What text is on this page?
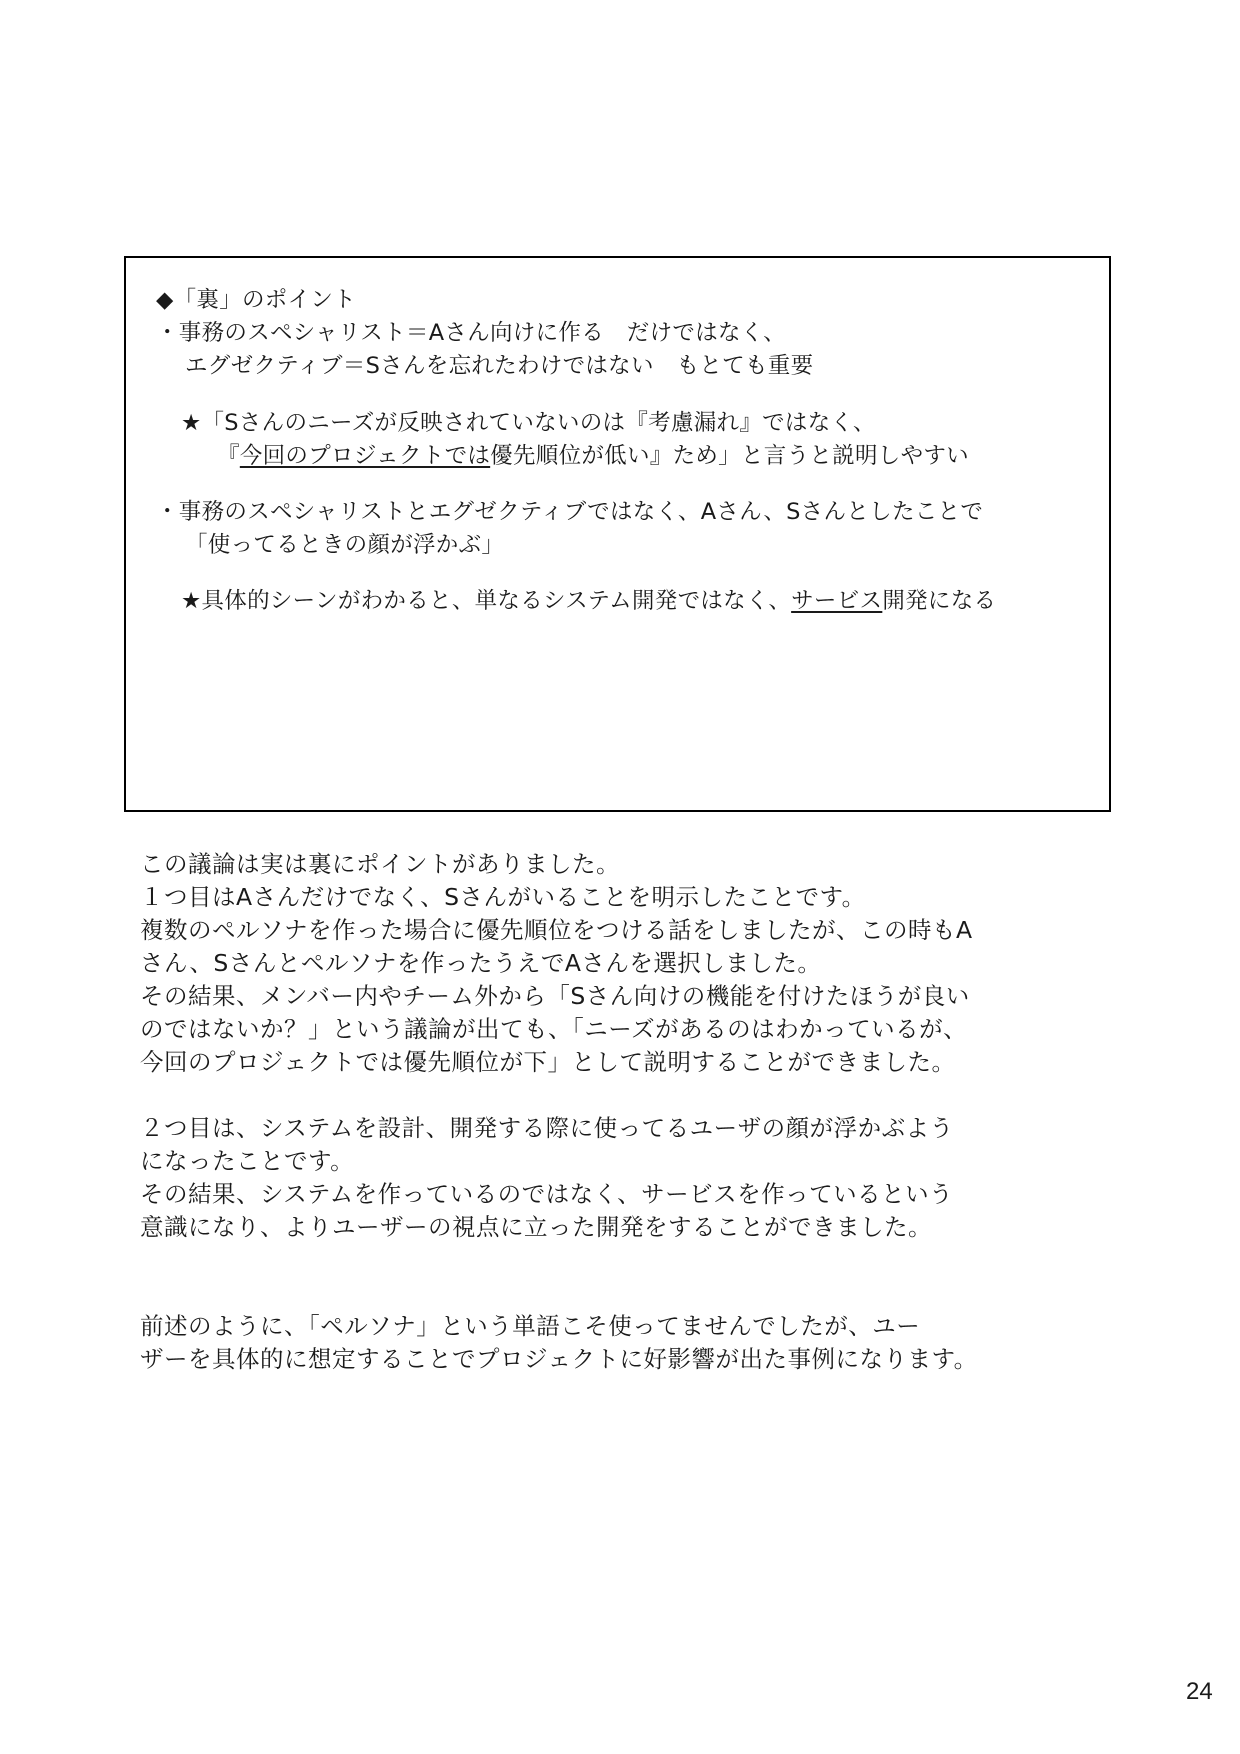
◆「裏」のポイント
・事務のスペシャリスト＝Aさん向けに作る　だけではなく、
エグゼクティブ＝Sさんを忘れたわけではない　もとても重要
★「Sさんのニーズが反映されていないのは『考慮漏れ』ではなく、
『今回のプロジェクトでは優先順位が低い』ため」と言うと説明しやすい
・事務のスペシャリストとエグゼクティブではなく、Aさん、Sさんとしたことで
「使ってるときの顔が浮かぶ」
★具体的シーンがわかると、単なるシステム開発ではなく、サービス開発になる
この議論は実は裏にポイントがありました。
１つ目はAさんだけでなく、Sさんがいることを明示したことです。
複数のペルソナを作った場合に優先順位をつける話をしましたが、この時もA
さん、Sさんとペルソナを作ったうえでAさんを選択しました。
その結果、メンバー内やチーム外から「Sさん向けの機能を付けたほうが良い
のではないか？」という議論が出ても、「ニーズがあるのはわかっているが、
今回のプロジェクトでは優先順位が下」として説明することができました。
２つ目は、システムを設計、開発する際に使ってるユーザの顔が浮かぶよう
になったことです。
その結果、システムを作っているのではなく、サービスを作っているという
意識になり、よりユーザーの視点に立った開発をすることができました。
前述のように、「ペルソナ」という単語こそ使ってませんでしたが、ユー
ザーを具体的に想定することでプロジェクトに好影響が出た事例になります。
24
